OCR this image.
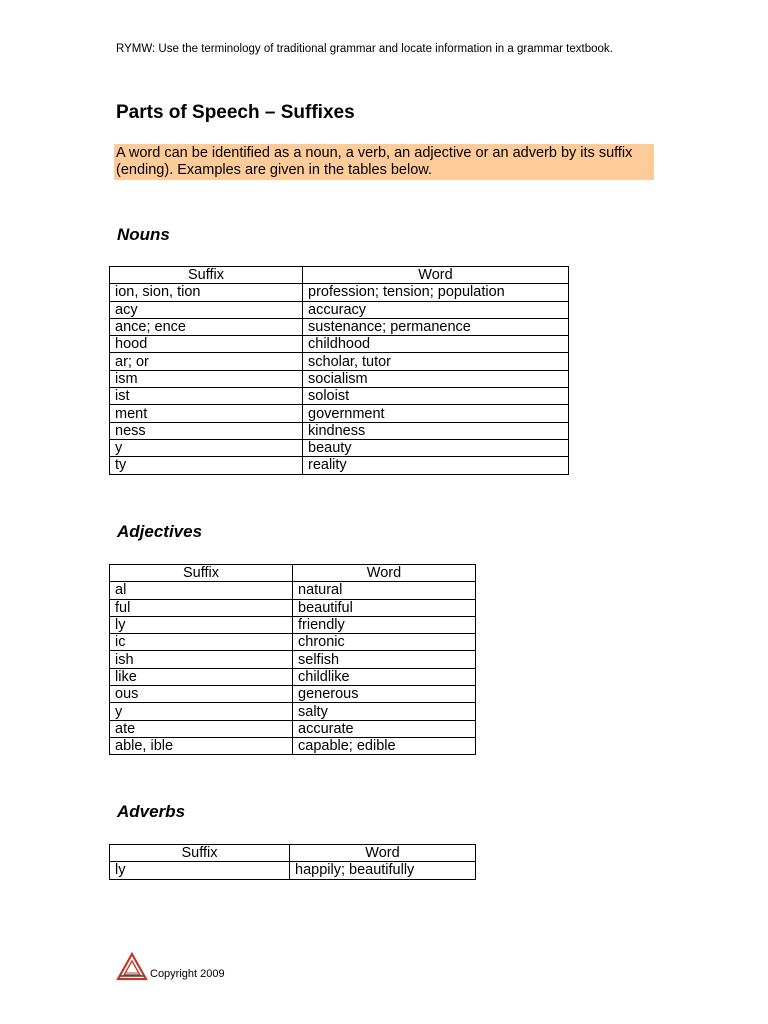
RYMW: Use the terminology of traditional grammar and locate information in a grammar textbook.
Parts of Speech – Suffixes
A word can be identified as a noun, a verb, an adjective or an adverb by its suffix (ending). Examples are given in the tables below.
Nouns
Suffix	Word
ion, sion, tion	profession; tension; population
acy	accuracy
ance; ence	sustenance; permanence
hood	childhood
ar; or	scholar, tutor
ism	socialism
ist	soloist
ment	government
ness	kindness
y	beauty
ty	reality
Adjectives
Suffix	Word
al	natural
ful	beautiful
ly	friendly
ic	chronic
ish	selfish
like	childlike
ous	generous
y	salty
ate	accurate
able, ible	capable; edible
Adverbs
Suffix	Word
ly	happily; beautifully
Copyright 2009
